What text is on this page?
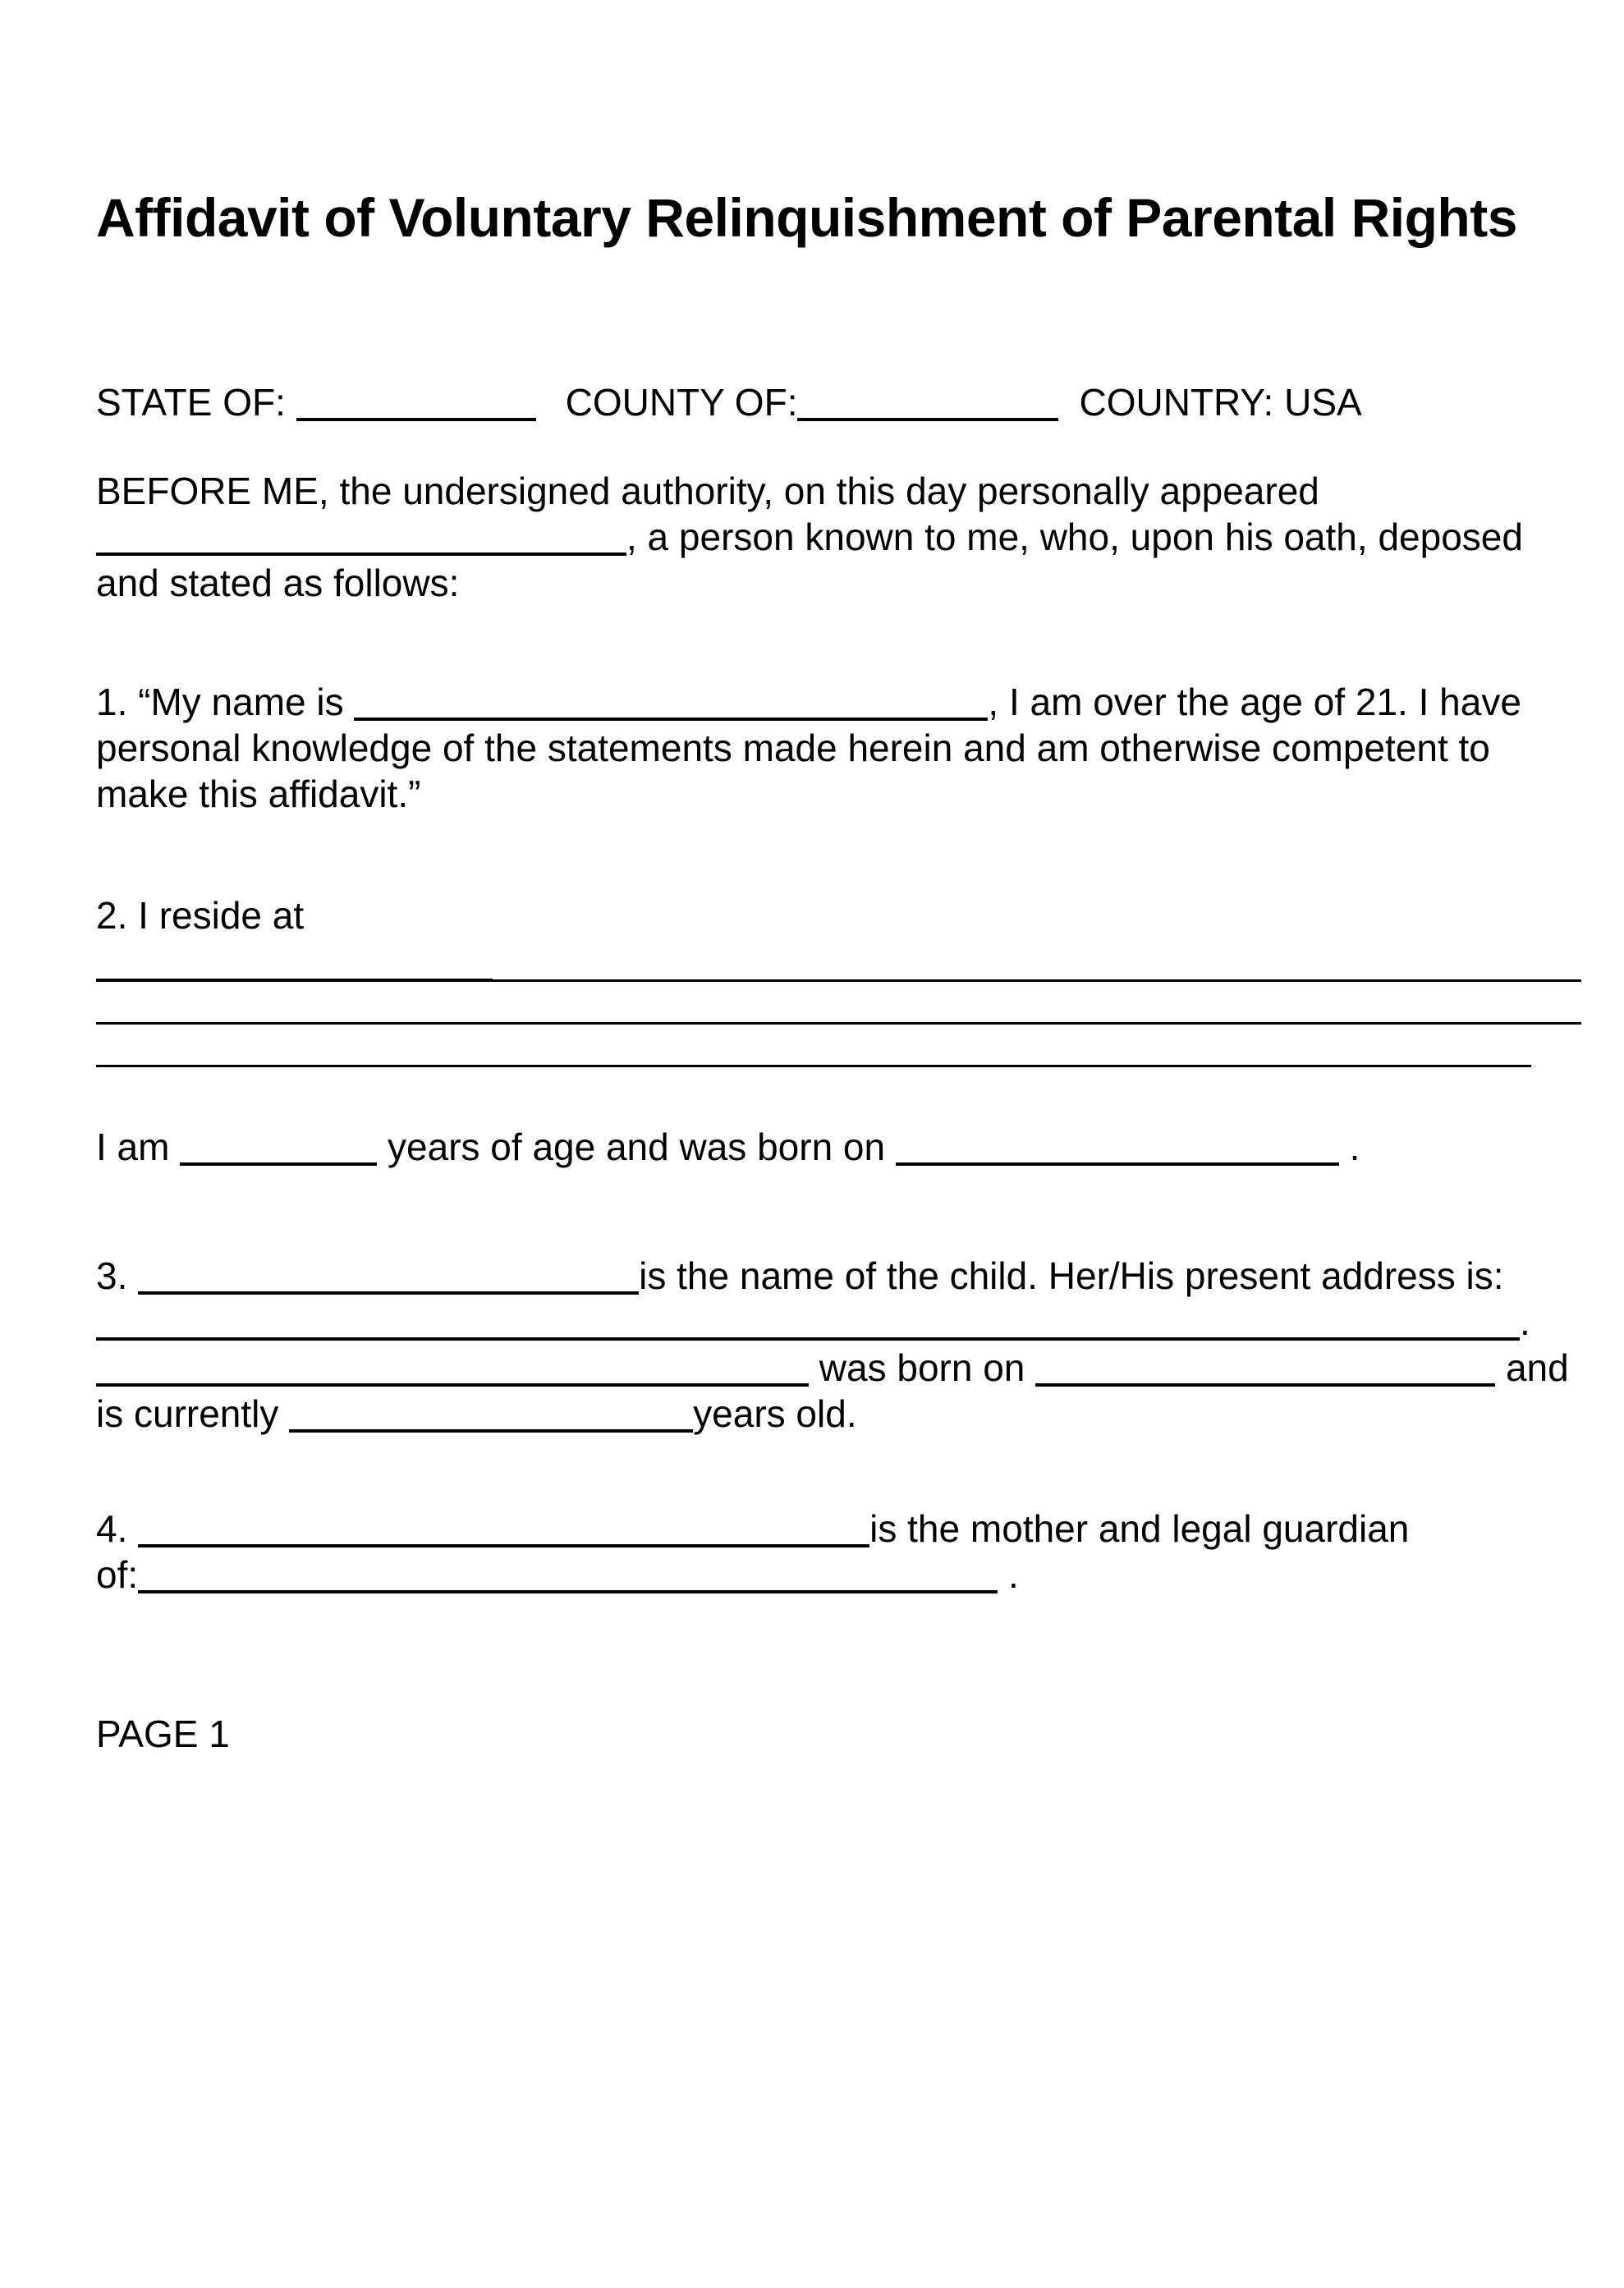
Affidavit of Voluntary Relinquishment of Parental Rights
STATE OF:	COUNTY OF:	COUNTRY: USA
BEFORE ME, the undersigned authority, on this day personally appeared
, a person known to me, who, upon his oath, deposed
and stated as follows:
1. “My name is	, I am over the age of 21. I have
personal knowledge of the statements made herein and am otherwise competent to
make this affidavit.”
2. I reside at
I am	years of age and was born on	.
3.	is the name of the child. Her/His present address is:
.
was born on	and
is currently	years old.
4.	is the mother and legal guardian
of:	.
PAGE 1
